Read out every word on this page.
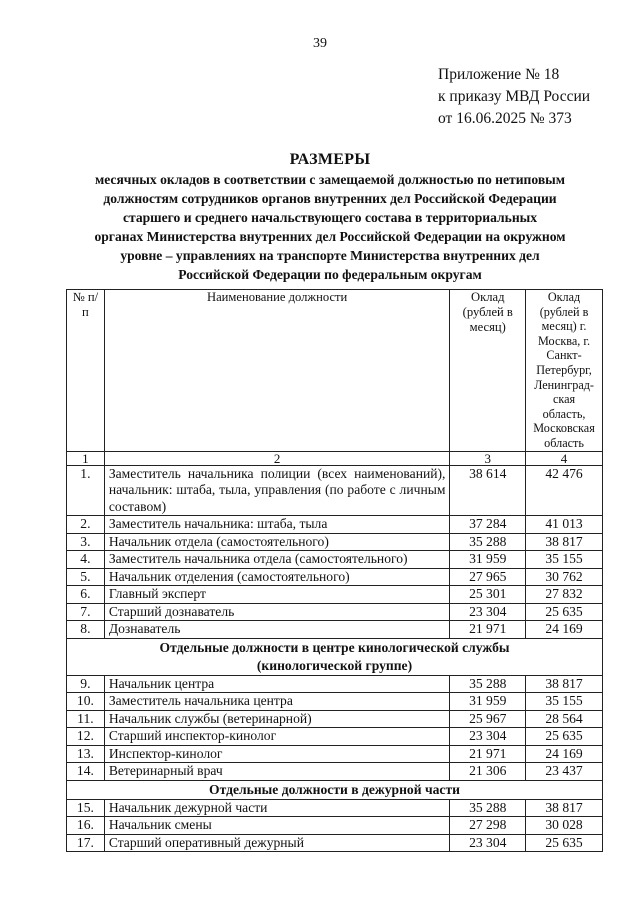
39
Приложение № 18
к приказу МВД России
от 16.06.2025 № 373
РАЗМЕРЫ
месячных окладов в соответствии с замещаемой должностью по нетиповым
должностям сотрудников органов внутренних дел Российской Федерации
старшего и среднего начальствующего состава в территориальных
органах Министерства внутренних дел Российской Федерации на окружном
уровне – управлениях на транспорте Министерства внутренних дел
Российской Федерации по федеральным округам
№ п/п	Наименование должности	Оклад (рублей в месяц)	Оклад (рублей в месяц) г. Москва, г. Санкт-Петербург, Ленинград-ская область, Московская область
1	2	3	4
1.	Заместитель начальника полиции (всех наименований), начальник: штаба, тыла, управления (по работе с личным составом)	38 614	42 476
2.	Заместитель начальника: штаба, тыла	37 284	41 013
3.	Начальник отдела (самостоятельного)	35 288	38 817
4.	Заместитель начальника отдела (самостоятельного)	31 959	35 155
5.	Начальник отделения (самостоятельного)	27 965	30 762
6.	Главный эксперт	25 301	27 832
7.	Старший дознаватель	23 304	25 635
8.	Дознаватель	21 971	24 169

Отдельные должности в центре кинологической службы
(кинологической группе)			

9.	Начальник центра	35 288	38 817
10.	Заместитель начальника центра	31 959	35 155
11.	Начальник службы (ветеринарной)	25 967	28 564
12.	Старший инспектор-кинолог	23 304	25 635
13.	Инспектор-кинолог	21 971	24 169
14.	Ветеринарный врач	21 306	23 437
Отдельные должности в дежурной части			
15.	Начальник дежурной части	35 288	38 817
16.	Начальник смены	27 298	30 028
17.	Старший оперативный дежурный	23 304	25 635
